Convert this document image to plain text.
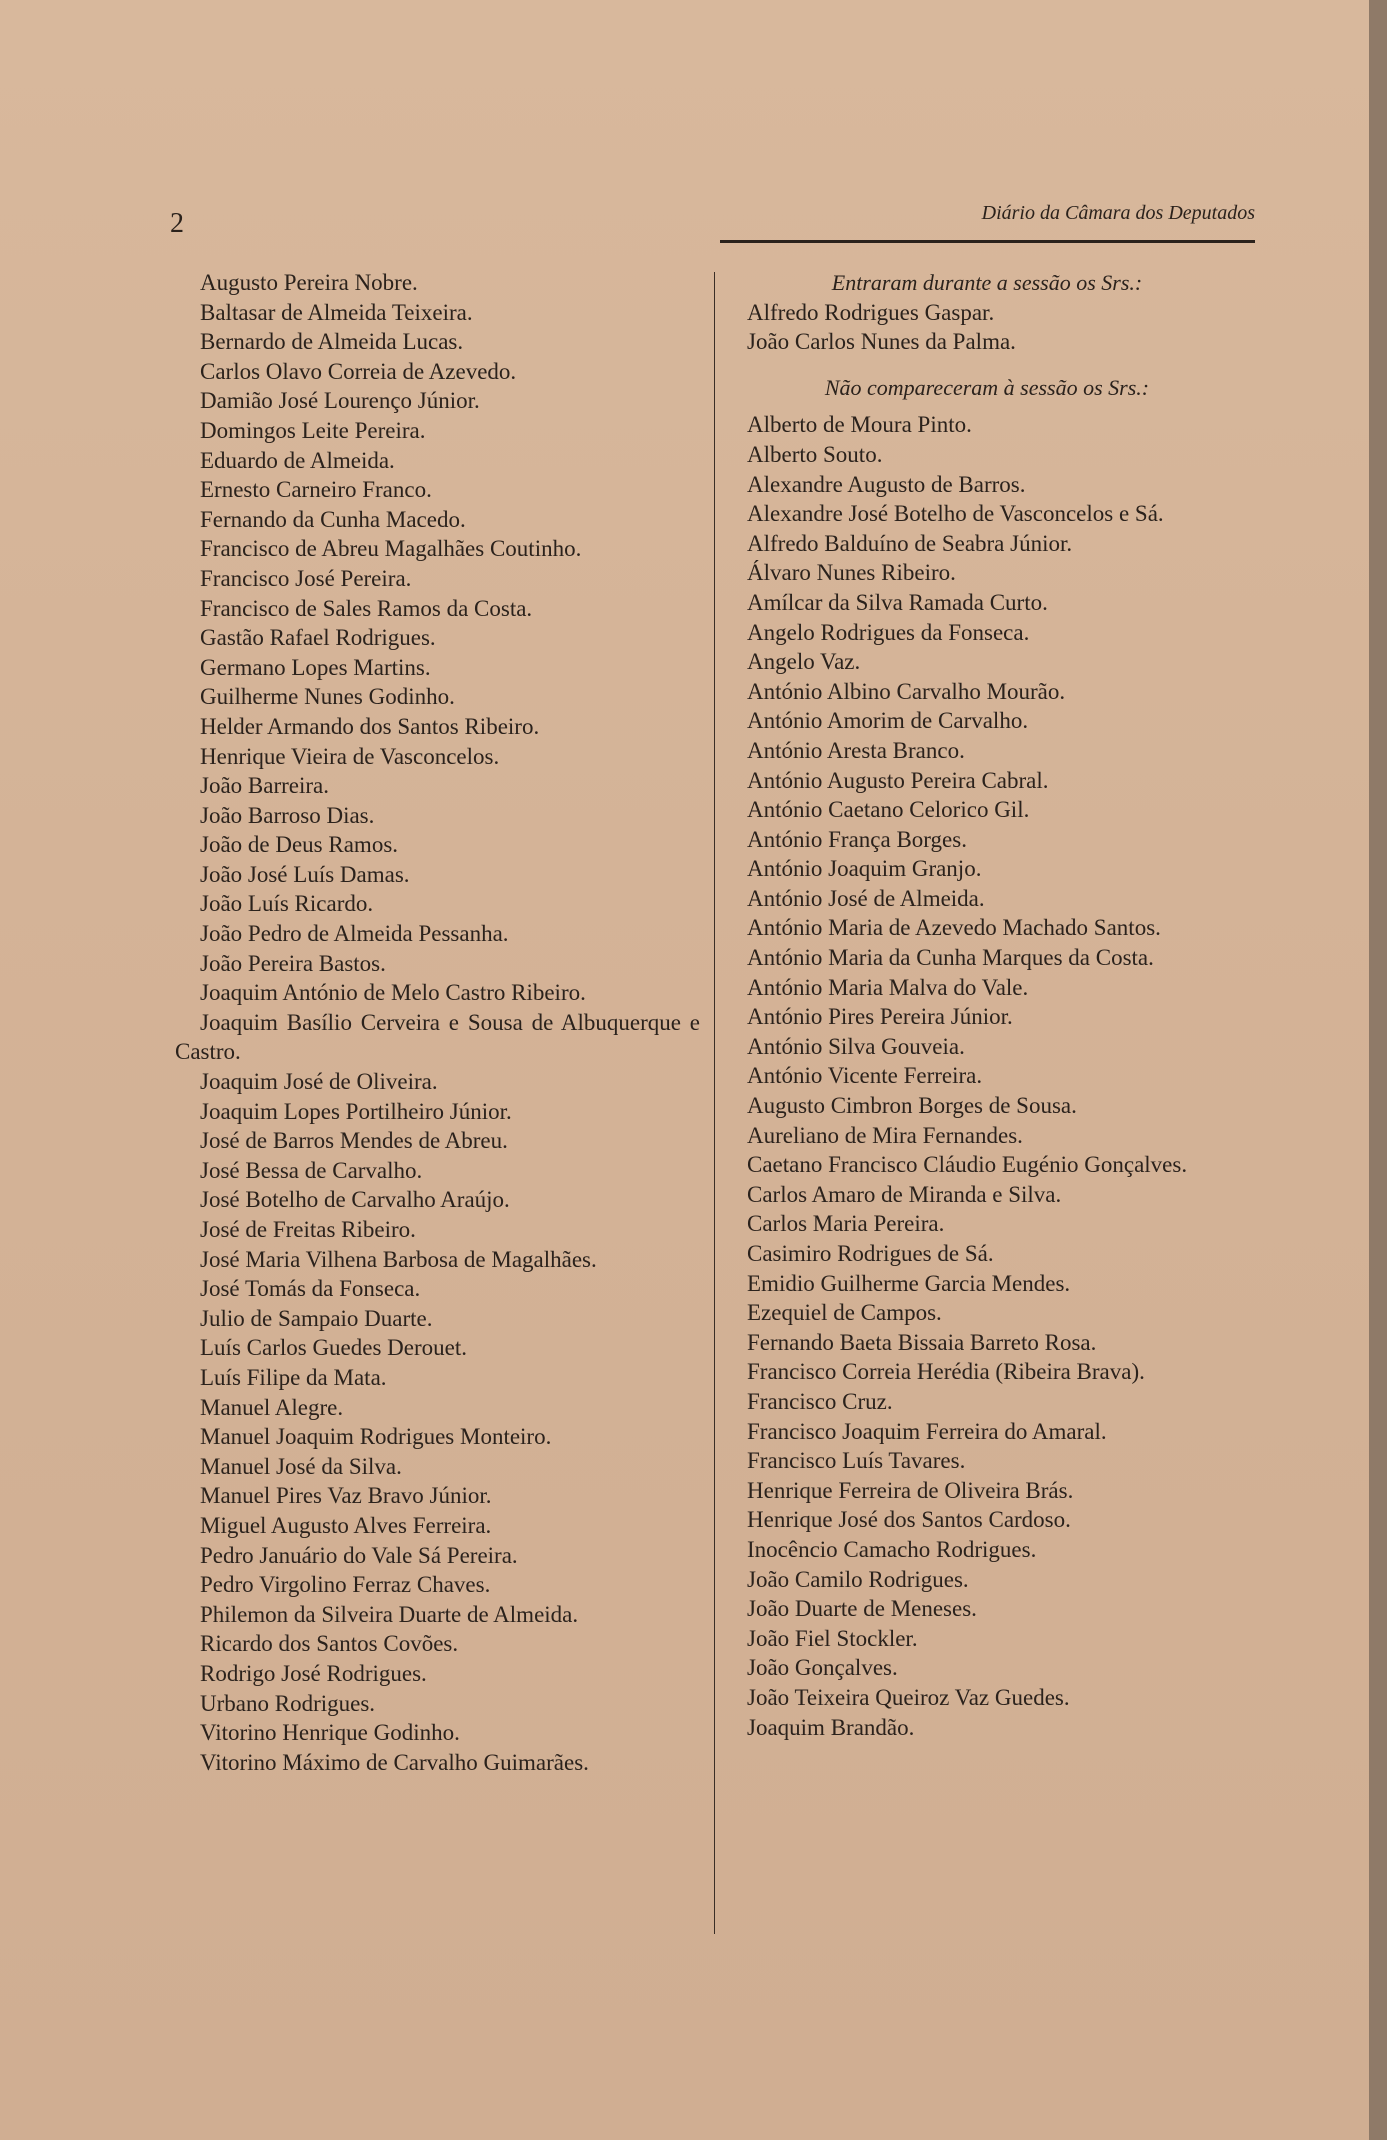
2	Diário da Câmara dos Deputados
Augusto Pereira Nobre.
Baltasar de Almeida Teixeira.
Bernardo de Almeida Lucas.
Carlos Olavo Correia de Azevedo.
Damião José Lourenço Júnior.
Domingos Leite Pereira.
Eduardo de Almeida.
Ernesto Carneiro Franco.
Fernando da Cunha Macedo.
Francisco de Abreu Magalhães Coutinho.
Francisco José Pereira.
Francisco de Sales Ramos da Costa.
Gastão Rafael Rodrigues.
Germano Lopes Martins.
Guilherme Nunes Godinho.
Helder Armando dos Santos Ribeiro.
Henrique Vieira de Vasconcelos.
João Barreira.
João Barroso Dias.
João de Deus Ramos.
João José Luís Damas.
João Luís Ricardo.
João Pedro de Almeida Pessanha.
João Pereira Bastos.
Joaquim António de Melo Castro Ribeiro.
Joaquim Basílio Cerveira e Sousa de Albuquerque e Castro.
Joaquim José de Oliveira.
Joaquim Lopes Portilheiro Júnior.
José de Barros Mendes de Abreu.
José Bessa de Carvalho.
José Botelho de Carvalho Araújo.
José de Freitas Ribeiro.
José Maria Vilhena Barbosa de Magalhães.
José Tomás da Fonseca.
Julio de Sampaio Duarte.
Luís Carlos Guedes Derouet.
Luís Filipe da Mata.
Manuel Alegre.
Manuel Joaquim Rodrigues Monteiro.
Manuel José da Silva.
Manuel Pires Vaz Bravo Júnior.
Miguel Augusto Alves Ferreira.
Pedro Januário do Vale Sá Pereira.
Pedro Virgolino Ferraz Chaves.
Philemon da Silveira Duarte de Almeida.
Ricardo dos Santos Covões.
Rodrigo José Rodrigues.
Urbano Rodrigues.
Vitorino Henrique Godinho.
Vitorino Máximo de Carvalho Guimarães.
Entraram durante a sessão os Srs.:
Alfredo Rodrigues Gaspar.
João Carlos Nunes da Palma.
Não compareceram à sessão os Srs.:
Alberto de Moura Pinto.
Alberto Souto.
Alexandre Augusto de Barros.
Alexandre José Botelho de Vasconcelos e Sá.
Alfredo Balduíno de Seabra Júnior.
Álvaro Nunes Ribeiro.
Amílcar da Silva Ramada Curto.
Angelo Rodrigues da Fonseca.
Angelo Vaz.
António Albino Carvalho Mourão.
António Amorim de Carvalho.
António Aresta Branco.
António Augusto Pereira Cabral.
António Caetano Celorico Gil.
António França Borges.
António Joaquim Granjo.
António José de Almeida.
António Maria de Azevedo Machado Santos.
António Maria da Cunha Marques da Costa.
António Maria Malva do Vale.
António Pires Pereira Júnior.
António Silva Gouveia.
António Vicente Ferreira.
Augusto Cimbron Borges de Sousa.
Aureliano de Mira Fernandes.
Caetano Francisco Cláudio Eugénio Gonçalves.
Carlos Amaro de Miranda e Silva.
Carlos Maria Pereira.
Casimiro Rodrigues de Sá.
Emidio Guilherme Garcia Mendes.
Ezequiel de Campos.
Fernando Baeta Bissaia Barreto Rosa.
Francisco Correia Herédia (Ribeira Brava).
Francisco Cruz.
Francisco Joaquim Ferreira do Amaral.
Francisco Luís Tavares.
Henrique Ferreira de Oliveira Brás.
Henrique José dos Santos Cardoso.
Inocêncio Camacho Rodrigues.
João Camilo Rodrigues.
João Duarte de Meneses.
João Fiel Stockler.
João Gonçalves.
João Teixeira Queiroz Vaz Guedes.
Joaquim Brandão.
